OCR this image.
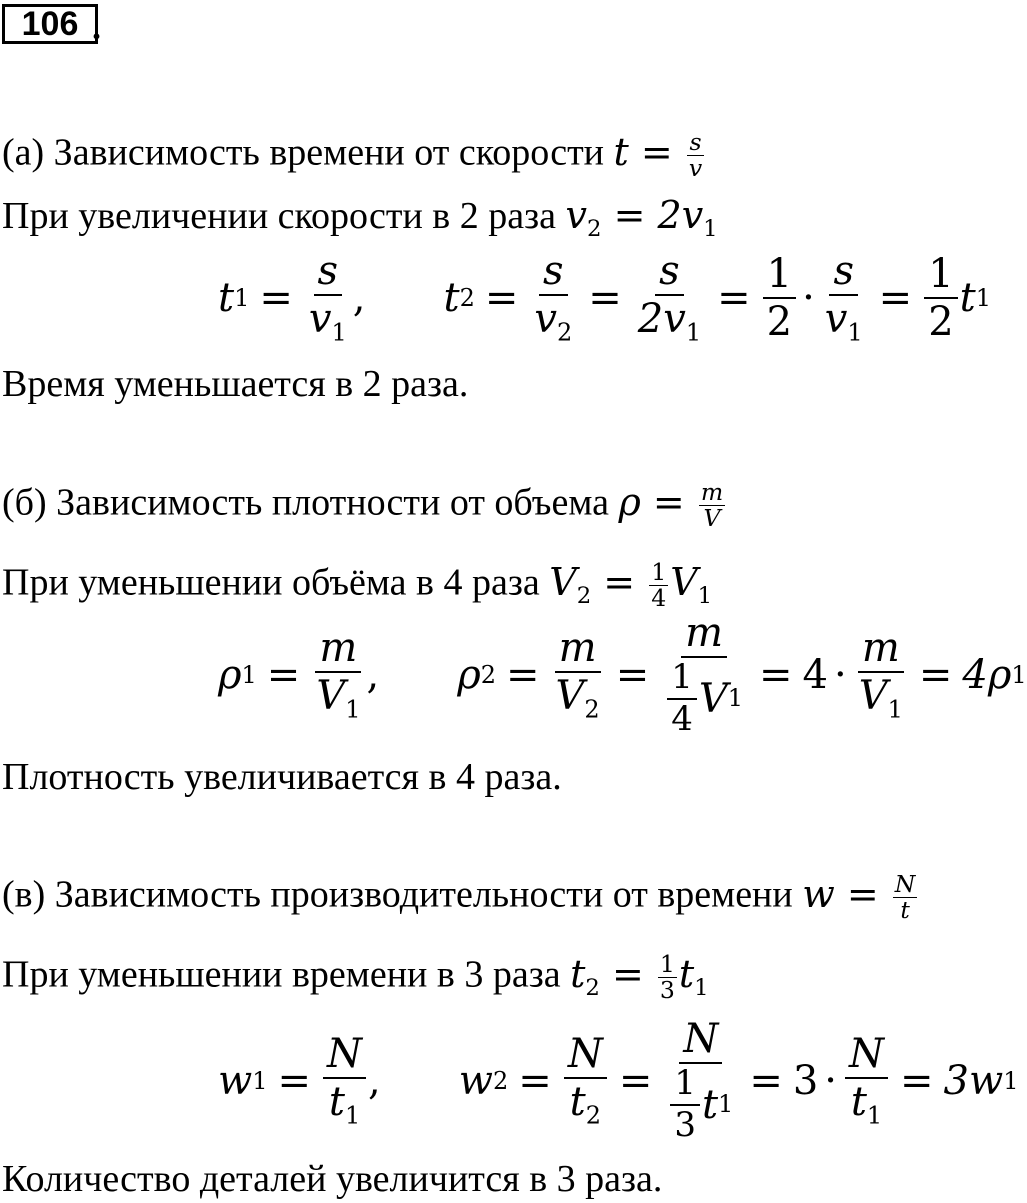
106 .
(а) Зависимость времени от скорости $t = \frac{s}{v}$
При увеличении скорости в 2 раза $v_2 = 2v_1$
t $1 = \frac{s}{v_1}$ , t $2 = \frac{s}{v_2} = \frac{s}{2v_1} = \frac{1}{2} \cdot \frac{s}{v_1} = \frac{1}{2}$ t 1
Время уменьшается в 2 раза.
(б) Зависимость плотности от объема $\rho = \frac{m}{V}$
При уменьшении объёма в 4 раза $V_2 = \frac{1}{4} V_1$
ρ $1 = \frac{m}{V_1}$ , ρ $2 = \frac{m}{V_2} = \frac{m}{\frac{1}{4} V 1} = 4 \cdot \frac{m}{V_1} = 4\rho$ 1
Плотность увеличивается в 4 раза.
(в) Зависимость производительности от времени $w = \frac{N}{t}$
При уменьшении времени в 3 раза $t_2 = \frac{1}{3} t_1$
w $1 = \frac{N}{t_1}$ , w $2 = \frac{N}{t_2} = \frac{N}{\frac{1}{3} t 1} = 3 \cdot \frac{N}{t_1} = 3w$ 1
Количество деталей увеличится в 3 раза.
